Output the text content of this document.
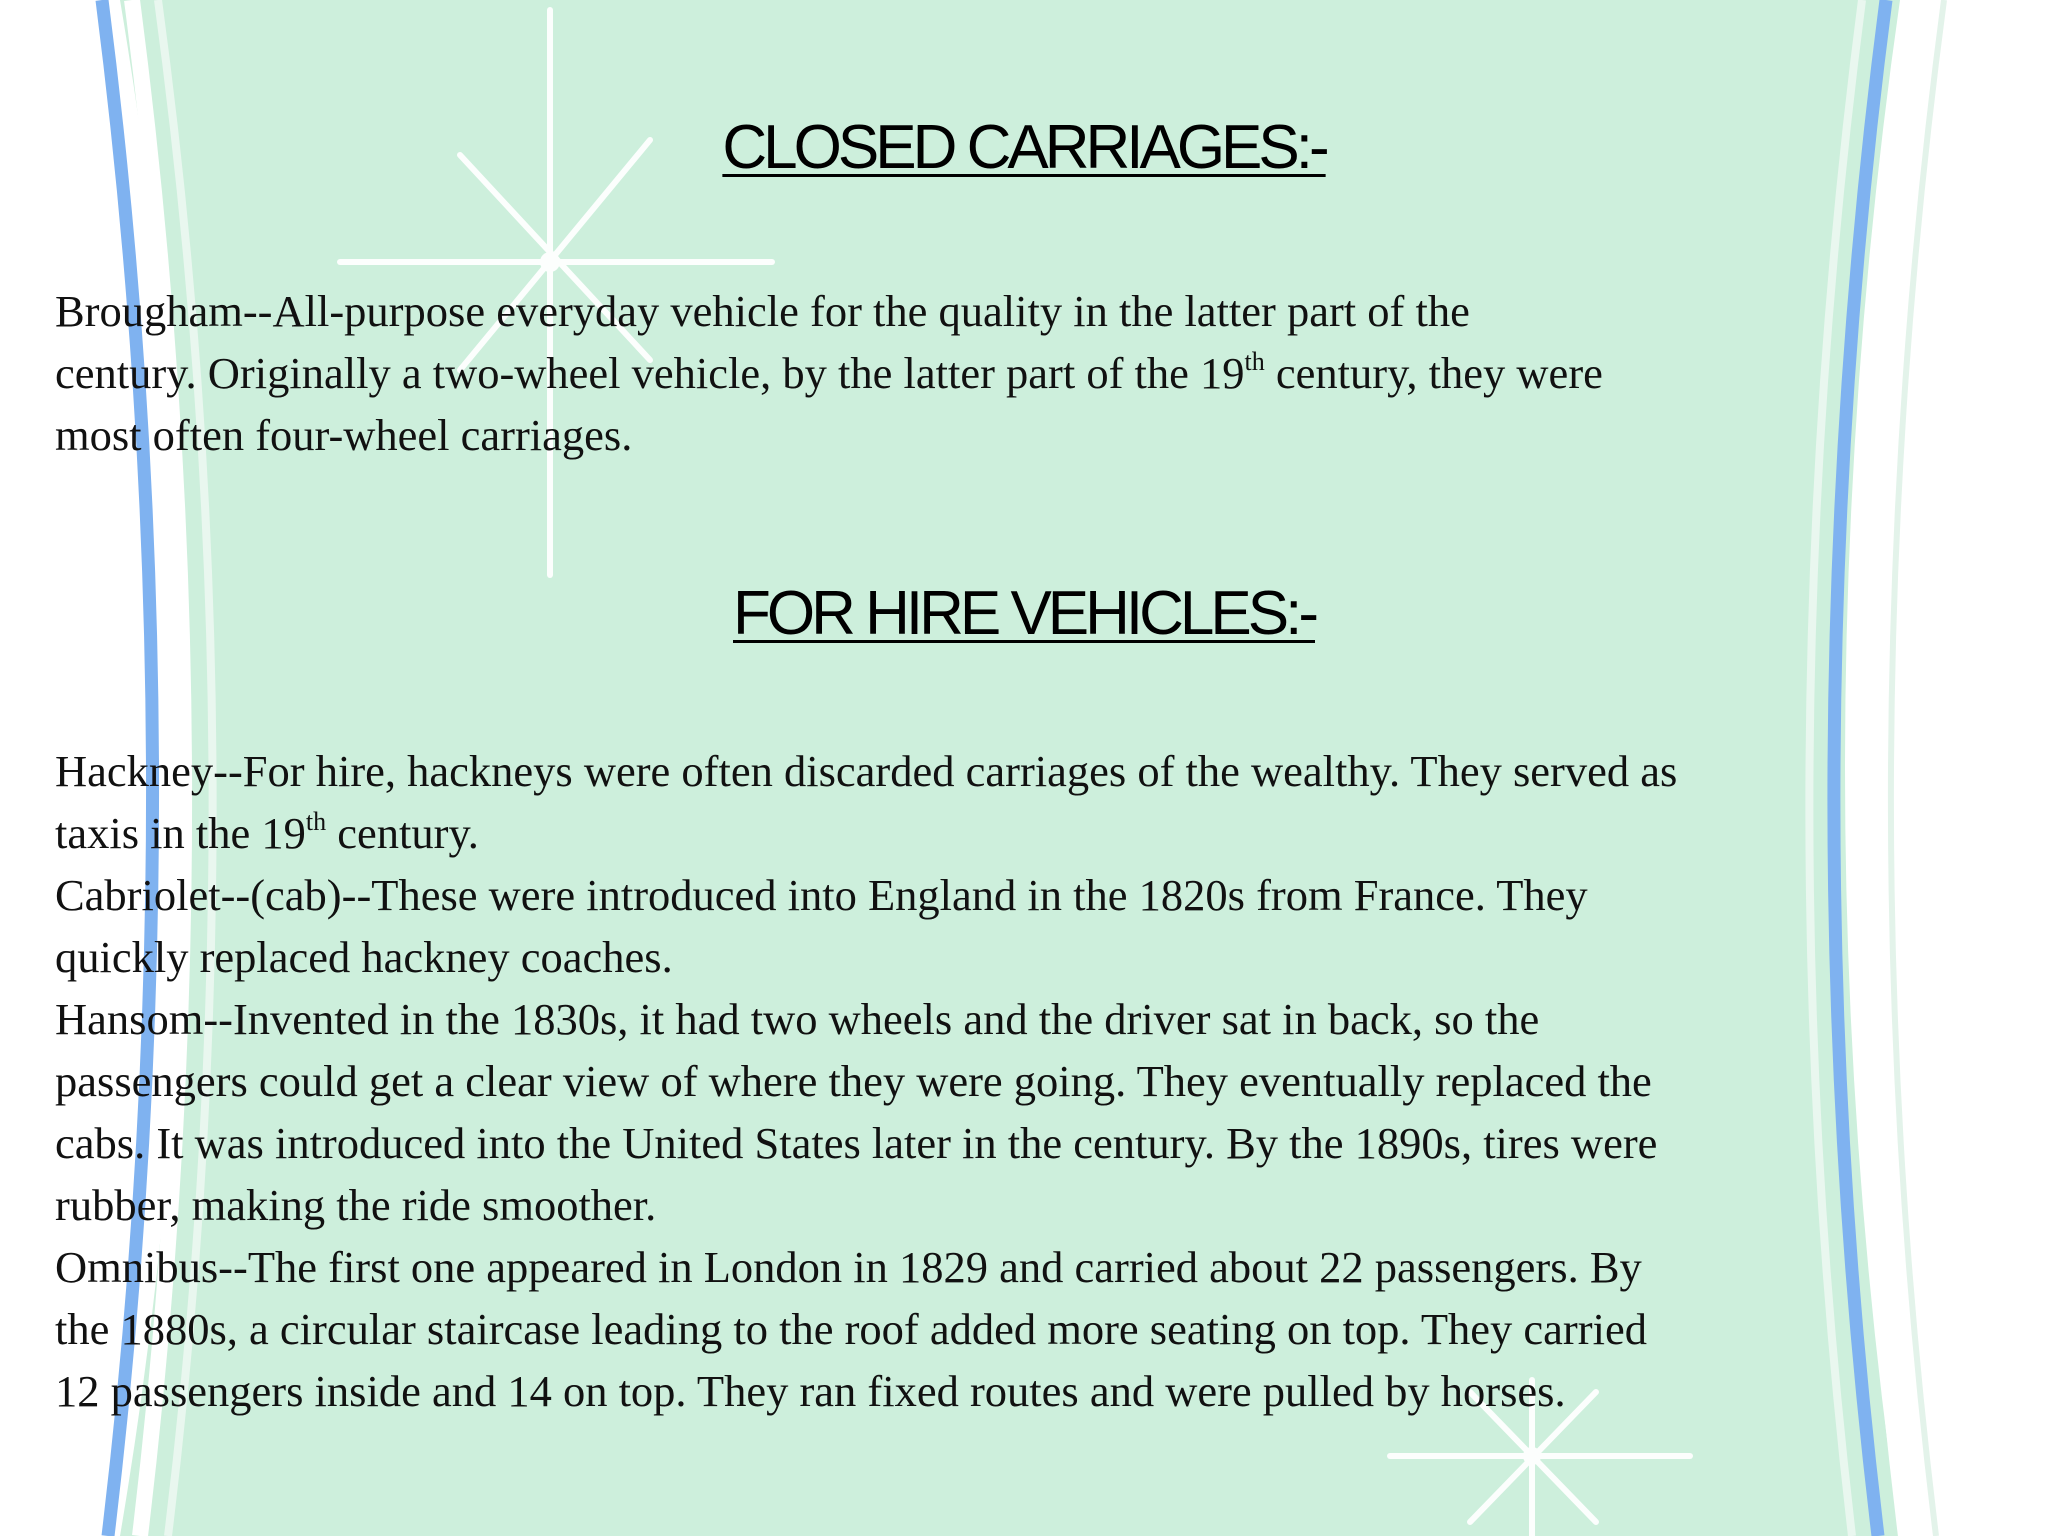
CLOSED CARRIAGES:-
Brougham--All-purpose everyday vehicle for the quality in the latter part of the
century. Originally a two-wheel vehicle, by the latter part of the 19th century, they were
most often four-wheel carriages.
FOR HIRE VEHICLES:-
Hackney--For hire, hackneys were often discarded carriages of the wealthy. They served as
taxis in the 19th century.
Cabriolet--(cab)--These were introduced into England in the 1820s from France. They
quickly replaced hackney coaches.
Hansom--Invented in the 1830s, it had two wheels and the driver sat in back, so the
passengers could get a clear view of where they were going. They eventually replaced the
cabs. It was introduced into the United States later in the century. By the 1890s, tires were
rubber, making the ride smoother.
Omnibus--The first one appeared in London in 1829 and carried about 22 passengers. By
the 1880s, a circular staircase leading to the roof added more seating on top. They carried
12 passengers inside and 14 on top. They ran fixed routes and were pulled by horses.
